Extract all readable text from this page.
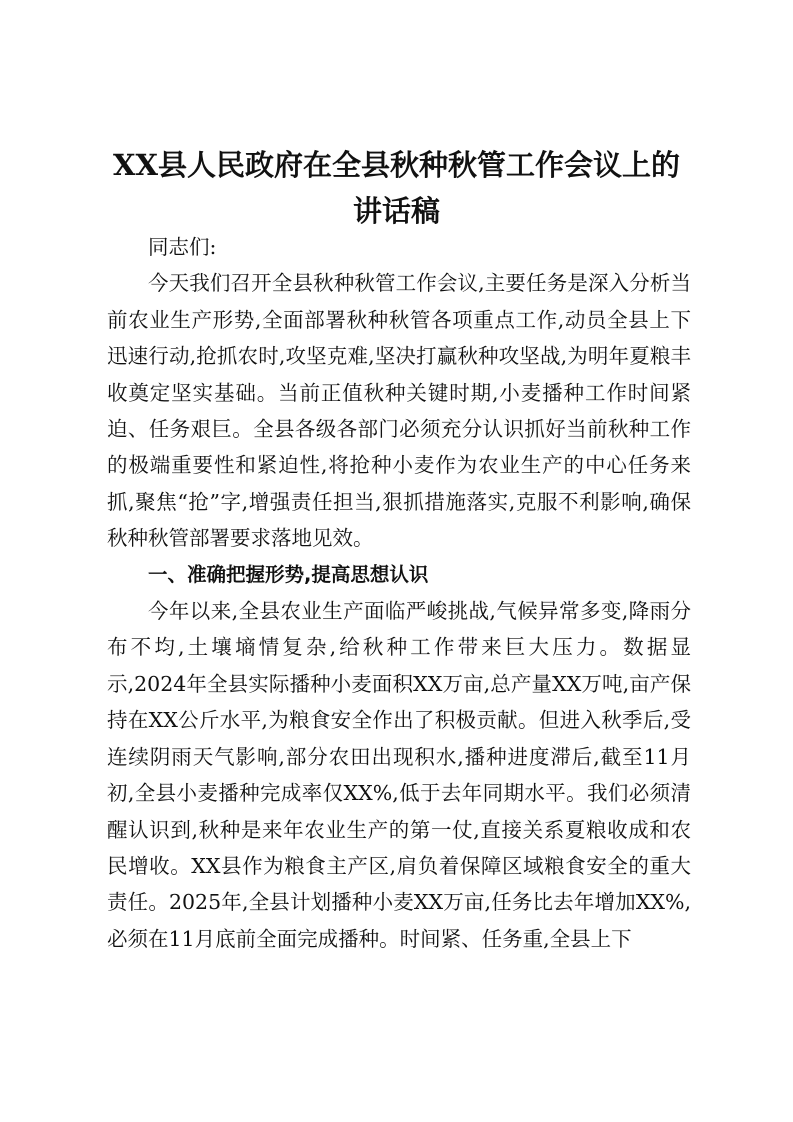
XX县人民政府在全县秋种秋管工作会议上的
讲话稿

同志们:

今天我们召开全县秋种秋管工作会议,主要任务是深入分析当前农业生产形势,全面部署秋种秋管各项重点工作,动员全县上下迅速行动,抢抓农时,攻坚克难,坚决打赢秋种攻坚战,为明年夏粮丰收奠定坚实基础。当前正值秋种关键时期,小麦播种工作时间紧迫、任务艰巨。全县各级各部门必须充分认识抓好当前秋种工作的极端重要性和紧迫性,将抢种小麦作为农业生产的中心任务来抓,聚焦“抢”字,增强责任担当,狠抓措施落实,克服不利影响,确保秋种秋管部署要求落地见效。

一、准确把握形势,提高思想认识

今年以来,全县农业生产面临严峻挑战,气候异常多变,降雨分布不均,土壤墒情复杂,给秋种工作带来巨大压力。数据显示,2024年全县实际播种小麦面积XX万亩,总产量XX万吨,亩产保持在XX公斤水平,为粮食安全作出了积极贡献。但进入秋季后,受连续阴雨天气影响,部分农田出现积水,播种进度滞后,截至11月初,全县小麦播种完成率仅XX%,低于去年同期水平。我们必须清醒认识到,秋种是来年农业生产的第一仗,直接关系夏粮收成和农民增收。XX县作为粮食主产区,肩负着保障区域粮食安全的重大责任。2025年,全县计划播种小麦XX万亩,任务比去年增加XX%,必须在11月底前全面完成播种。时间紧、任务重,全县上下
